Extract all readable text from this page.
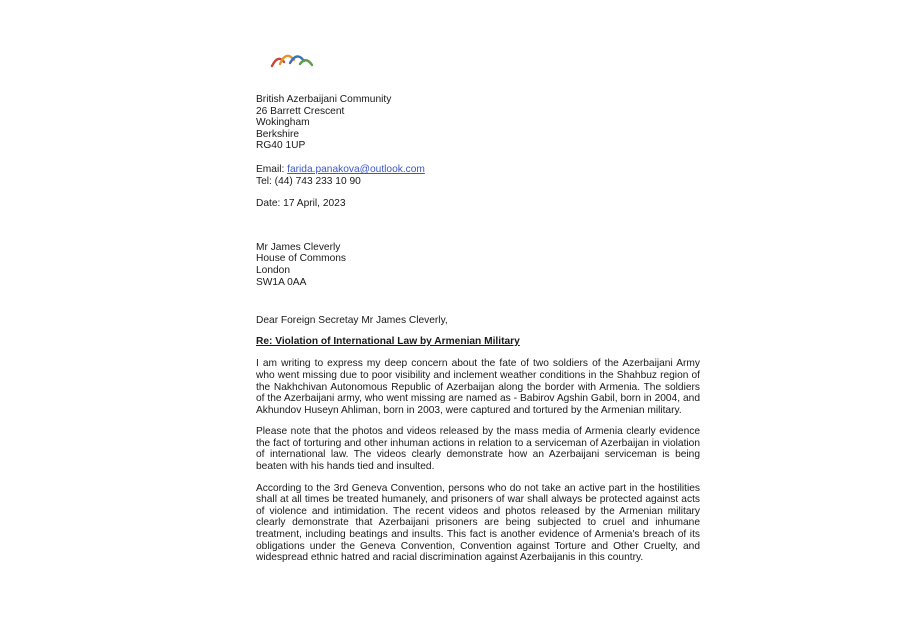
British Azerbaijani Community
26 Barrett Crescent
Wokingham
Berkshire
RG40 1UP
Email: farida.panakova@outlook.com
Tel: (44) 743 233 10 90
Date: 17 April, 2023
Mr James Cleverly
House of Commons
London
SW1A 0AA
Dear Foreign Secretay Mr James Cleverly,
Re: Violation of International Law by Armenian Military

I am writing to express my deep concern about the fate of two soldiers of the Azerbaijani Army who went missing due to poor visibility and inclement weather conditions in the Shahbuz region of the Nakhchivan Autonomous Republic of Azerbaijan along the border with Armenia. The soldiers of the Azerbaijani army, who went missing are named as - Babirov Agshin Gabil, born in 2004, and Akhundov Huseyn Ahliman, born in 2003, were captured and tortured by the Armenian military.

Please note that the photos and videos released by the mass media of Armenia clearly evidence the fact of torturing and other inhuman actions in relation to a serviceman of Azerbaijan in violation of international law. The videos clearly demonstrate how an Azerbaijani serviceman is being beaten with his hands tied and insulted.

According to the 3rd Geneva Convention, persons who do not take an active part in the hostilities shall at all times be treated humanely, and prisoners of war shall always be protected against acts of violence and intimidation. The recent videos and photos released by the Armenian military clearly demonstrate that Azerbaijani prisoners are being subjected to cruel and inhumane treatment, including beatings and insults. This fact is another evidence of Armenia's breach of its obligations under the Geneva Convention, Convention against Torture and Other Cruelty, and widespread ethnic hatred and racial discrimination against Azerbaijanis in this country.
